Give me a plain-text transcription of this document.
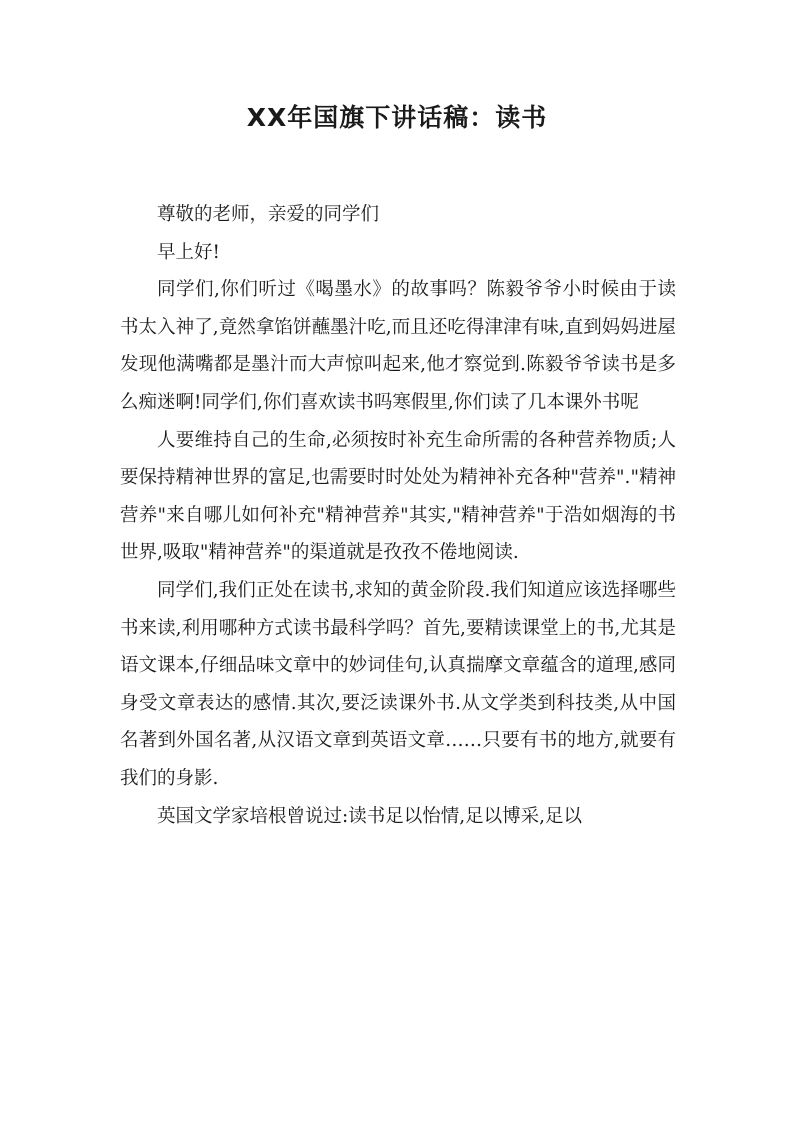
XX年国旗下讲话稿：读书

尊敬的老师，亲爱的同学们

早上好!

同学们,你们听过《喝墨水》的故事吗？陈毅爷爷小时候由于读书太入神了,竟然拿馅饼蘸墨汁吃,而且还吃得津津有味,直到妈妈进屋发现他满嘴都是墨汁而大声惊叫起来,他才察觉到.陈毅爷爷读书是多么痴迷啊!同学们,你们喜欢读书吗寒假里,你们读了几本课外书呢

人要维持自己的生命,必须按时补充生命所需的各种营养物质;人要保持精神世界的富足,也需要时时处处为精神补充各种"营养"."精神营养"来自哪儿如何补充"精神营养"其实,"精神营养"于浩如烟海的书世界,吸取"精神营养"的渠道就是孜孜不倦地阅读.

同学们,我们正处在读书,求知的黄金阶段.我们知道应该选择哪些书来读,利用哪种方式读书最科学吗？首先,要精读课堂上的书,尤其是语文课本,仔细品味文章中的妙词佳句,认真揣摩文章蕴含的道理,感同身受文章表达的感情.其次,要泛读课外书.从文学类到科技类,从中国名著到外国名著,从汉语文章到英语文章……只要有书的地方,就要有我们的身影.

英国文学家培根曾说过:读书足以怡情,足以博采,足以
